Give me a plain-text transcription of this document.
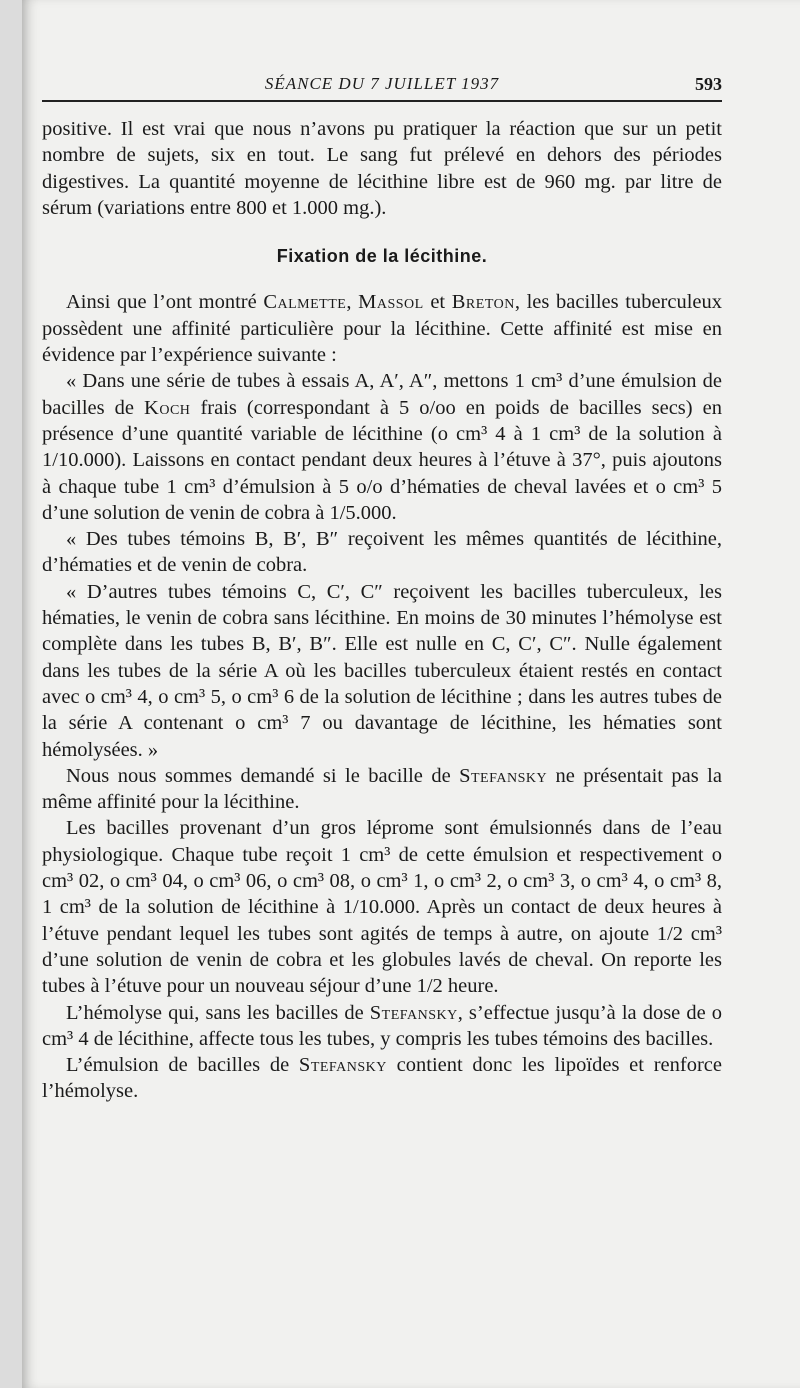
SÉANCE DU 7 JUILLET 1937	593

positive. Il est vrai que nous n’avons pu pratiquer la réaction que sur un petit nombre de sujets, six en tout. Le sang fut prélevé en dehors des périodes digestives. La quantité moyenne de lécithine libre est de 960 mg. par litre de sérum (variations entre 800 et 1.000 mg.).

Fixation de la lécithine.

Ainsi que l’ont montré Calmette, Massol et Breton, les bacilles tuberculeux possèdent une affinité particulière pour la lécithine. Cette affinité est mise en évidence par l’expérience suivante :

« Dans une série de tubes à essais A, A′, A″, mettons 1 cm³ d’une émulsion de bacilles de Koch frais (correspondant à 5 o/oo en poids de bacilles secs) en présence d’une quantité variable de lécithine (o cm³ 4 à 1 cm³ de la solution à 1/10.000). Laissons en contact pendant deux heures à l’étuve à 37°, puis ajoutons à chaque tube 1 cm³ d’émulsion à 5 o/o d’hématies de cheval lavées et o cm³ 5 d’une solution de venin de cobra à 1/5.000.

« Des tubes témoins B, B′, B″ reçoivent les mêmes quantités de lécithine, d’hématies et de venin de cobra.

« D’autres tubes témoins C, C′, C″ reçoivent les bacilles tuberculeux, les hématies, le venin de cobra sans lécithine. En moins de 30 minutes l’hémolyse est complète dans les tubes B, B′, B″. Elle est nulle en C, C′, C″. Nulle également dans les tubes de la série A où les bacilles tuberculeux étaient restés en contact avec o cm³ 4, o cm³ 5, o cm³ 6 de la solution de lécithine ; dans les autres tubes de la série A contenant o cm³ 7 ou davantage de lécithine, les hématies sont hémolysées. »

Nous nous sommes demandé si le bacille de Stefansky ne présentait pas la même affinité pour la lécithine.

Les bacilles provenant d’un gros léprome sont émulsionnés dans de l’eau physiologique. Chaque tube reçoit 1 cm³ de cette émulsion et respectivement o cm³ 02, o cm³ 04, o cm³ 06, o cm³ 08, o cm³ 1, o cm³ 2, o cm³ 3, o cm³ 4, o cm³ 8, 1 cm³ de la solution de lécithine à 1/10.000. Après un contact de deux heures à l’étuve pendant lequel les tubes sont agités de temps à autre, on ajoute 1/2 cm³ d’une solution de venin de cobra et les globules lavés de cheval. On reporte les tubes à l’étuve pour un nouveau séjour d’une 1/2 heure.

L’hémolyse qui, sans les bacilles de Stefansky, s’effectue jusqu’à la dose de o cm³ 4 de lécithine, affecte tous les tubes, y compris les tubes témoins des bacilles.

L’émulsion de bacilles de Stefansky contient donc les lipoïdes et renforce l’hémolyse.
